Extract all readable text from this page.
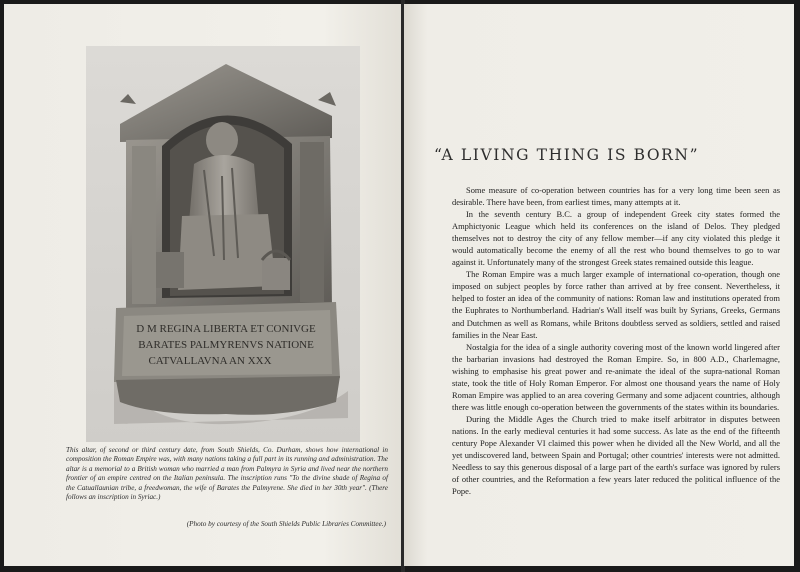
D M REGINA LIBERTA ET CONIVGE
BARATES PALMYRENVS NATIONE
CATVALLAVNA AN XXX
This altar, of second or third century date, from South Shields, Co. Durham, shows how international in composition the Roman Empire was, with many nations taking a full part in its running and administration. The altar is a memorial to a British woman who married a man from Palmyra in Syria and lived near the northern frontier of an empire centred on the Italian peninsula. The inscription runs "To the divine shade of Regina of the Catuallaunian tribe, a freedwoman, the wife of Barates the Palmyrene. She died in her 30th year". (There follows an inscription in Syriac.)
(Photo by courtesy of the South Shields Public Libraries Committee.)
“A LIVING THING IS BORN”

Some measure of co-operation between countries has for a very long time been seen as desirable. There have been, from earliest times, many attempts at it.

In the seventh century B.C. a group of independent Greek city states formed the Amphictyonic League which held its conferences on the island of Delos. They pledged themselves not to destroy the city of any fellow member—if any city violated this pledge it would automatically become the enemy of all the rest who bound themselves to go to war against it. Unfortunately many of the strongest Greek states remained outside this league.

The Roman Empire was a much larger example of international co-operation, though one imposed on subject peoples by force rather than arrived at by free consent. Nevertheless, it helped to foster an idea of the community of nations: Roman law and institutions operated from the Euphrates to Northumberland. Hadrian's Wall itself was built by Syrians, Greeks, Germans and Dutchmen as well as Romans, while Britons doubtless served as soldiers, settled and raised families in the Near East.

Nostalgia for the idea of a single authority covering most of the known world lingered after the barbarian invasions had destroyed the Roman Empire. So, in 800 A.D., Charlemagne, wishing to emphasise his great power and re-animate the ideal of the supra-national Roman state, took the title of Holy Roman Emperor. For almost one thousand years the name of Holy Roman Empire was applied to an area covering Germany and some adjacent countries, although there was little enough co-operation between the governments of the states within its boundaries.

During the Middle Ages the Church tried to make itself arbitrator in disputes between nations. In the early medieval centuries it had some success. As late as the end of the fifteenth century Pope Alexander VI claimed this power when he divided all the New World, and all the yet undiscovered land, between Spain and Portugal; other countries' interests were not admitted. Needless to say this generous disposal of a large part of the earth's surface was ignored by rulers of other countries, and the Reformation a few years later reduced the political influence of the Pope.
